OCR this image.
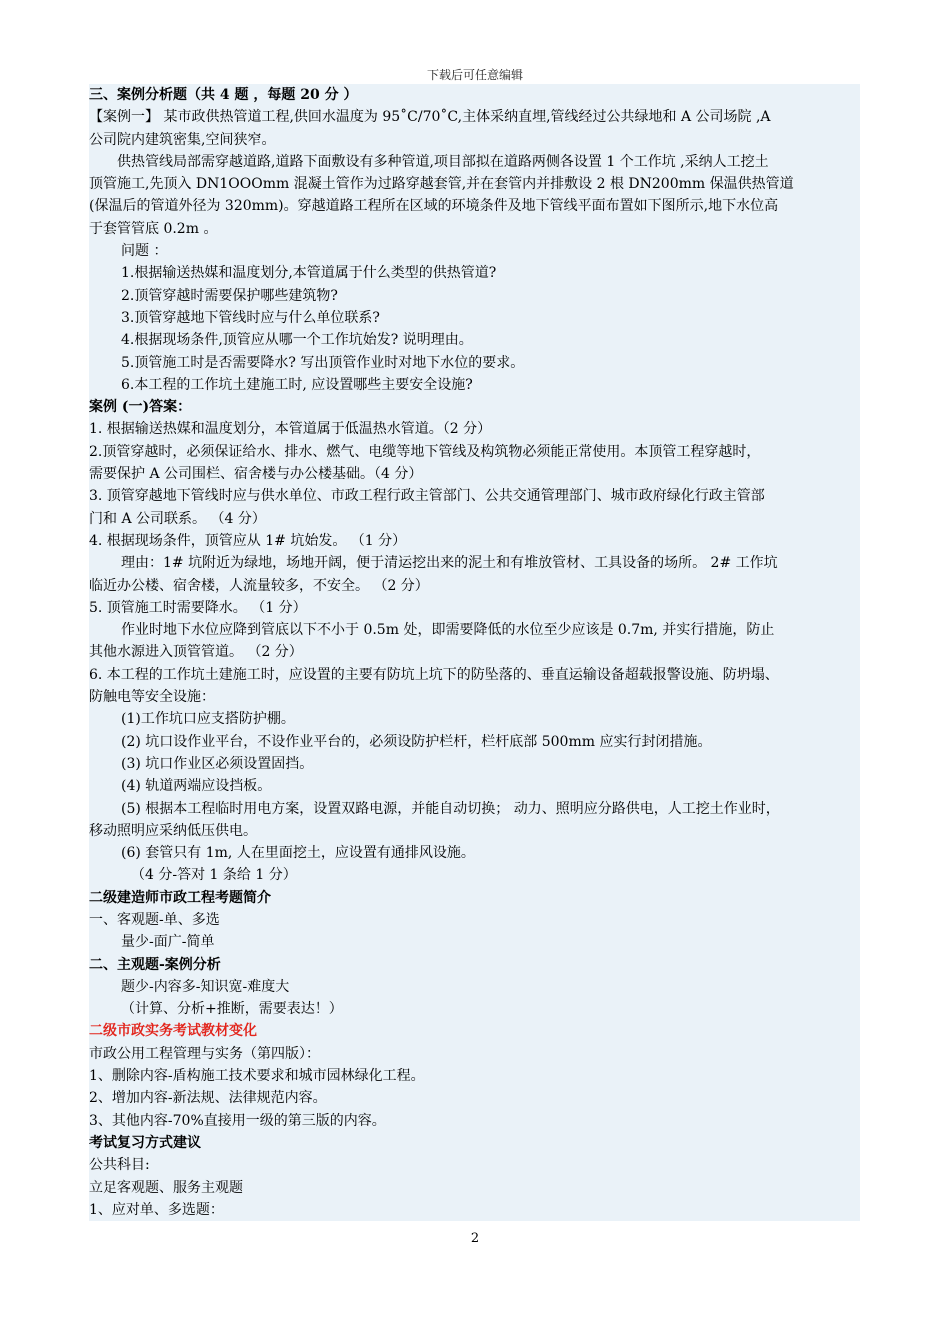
下载后可任意编辑
三、案例分析题（共 4 题 ，每题 20 分 ）
【案例一】 某市政供热管道工程,供回水温度为 95˚C/70˚C,主体采纳直埋,管线经过公共绿地和 A 公司场院 ,A
公司院内建筑密集,空间狭窄。
供热管线局部需穿越道路,道路下面敷设有多种管道,项目部拟在道路两侧各设置 1 个工作坑 ,采纳人工挖土
顶管施工,先顶入 DN1OOOmm 混凝土管作为过路穿越套管,并在套管内并排敷设 2 根 DN200mm 保温供热管道
(保温后的管道外径为 320mm)。穿越道路工程所在区域的环境条件及地下管线平面布置如下图所示,地下水位高
于套管管底 0.2m 。
问题 ：
1.根据输送热媒和温度划分,本管道属于什么类型的供热管道?
2.顶管穿越时需要保护哪些建筑物?
3.顶管穿越地下管线时应与什么单位联系?
4.根据现场条件,顶管应从哪一个工作坑始发? 说明理由。
5.顶管施工时是否需要降水? 写出顶管作业时对地下水位的要求。
6.本工程的工作坑土建施工时, 应设置哪些主要安全设施?
案例 (一)答案：
1. 根据输送热媒和温度划分，本管道属于低温热水管道。（2 分）
2.顶管穿越时，必须保证给水、排水、燃气、电缆等地下管线及构筑物必须能正常使用。本顶管工程穿越时，
需要保护 A 公司围栏、宿舍楼与办公楼基础。（4 分）
3. 顶管穿越地下管线时应与供水单位、市政工程行政主管部门、公共交通管理部门、城市政府绿化行政主管部
门和 A 公司联系。 （4 分）
4. 根据现场条件，顶管应从 1# 坑始发。 （1 分）
理由：1# 坑附近为绿地，场地开阔，便于清运挖出来的泥土和有堆放管材、工具设备的场所。 2# 工作坑
临近办公楼、宿舍楼，人流量较多，不安全。 （2 分）
5. 顶管施工时需要降水。 （1 分）
作业时地下水位应降到管底以下不小于 0.5m 处，即需要降低的水位至少应该是 0.7m, 并实行措施，防止
其他水源进入顶管管道。 （2 分）
6. 本工程的工作坑土建施工时，应设置的主要有防坑上坑下的防坠落的、垂直运输设备超载报警设施、防坍塌、
防触电等安全设施：
(1)工作坑口应支搭防护棚。
(2) 坑口设作业平台，不设作业平台的，必须设防护栏杆，栏杆底部 500mm 应实行封闭措施。
(3) 坑口作业区必须设置固挡。
(4) 轨道两端应设挡板。
(5) 根据本工程临时用电方案，设置双路电源，并能自动切换； 动力、照明应分路供电，人工挖土作业时，
移动照明应采纳低压供电。
(6) 套管只有 1m, 人在里面挖土，应设置有通排风设施。
（4 分-答对 1 条给 1 分）
二级建造师市政工程考题简介
一、客观题-单、多选
量少-面广-简单
二、主观题-案例分析
题少-内容多-知识宽-难度大
（计算、分析+推断，需要表达！）
二级市政实务考试教材变化
市政公用工程管理与实务（第四版）：
1、删除内容-盾构施工技术要求和城市园林绿化工程。
2、增加内容-新法规、法律规范内容。
3、其他内容-70%直接用一级的第三版的内容。
考试复习方式建议
公共科目:
立足客观题、服务主观题
1、应对单、多选题：
2
